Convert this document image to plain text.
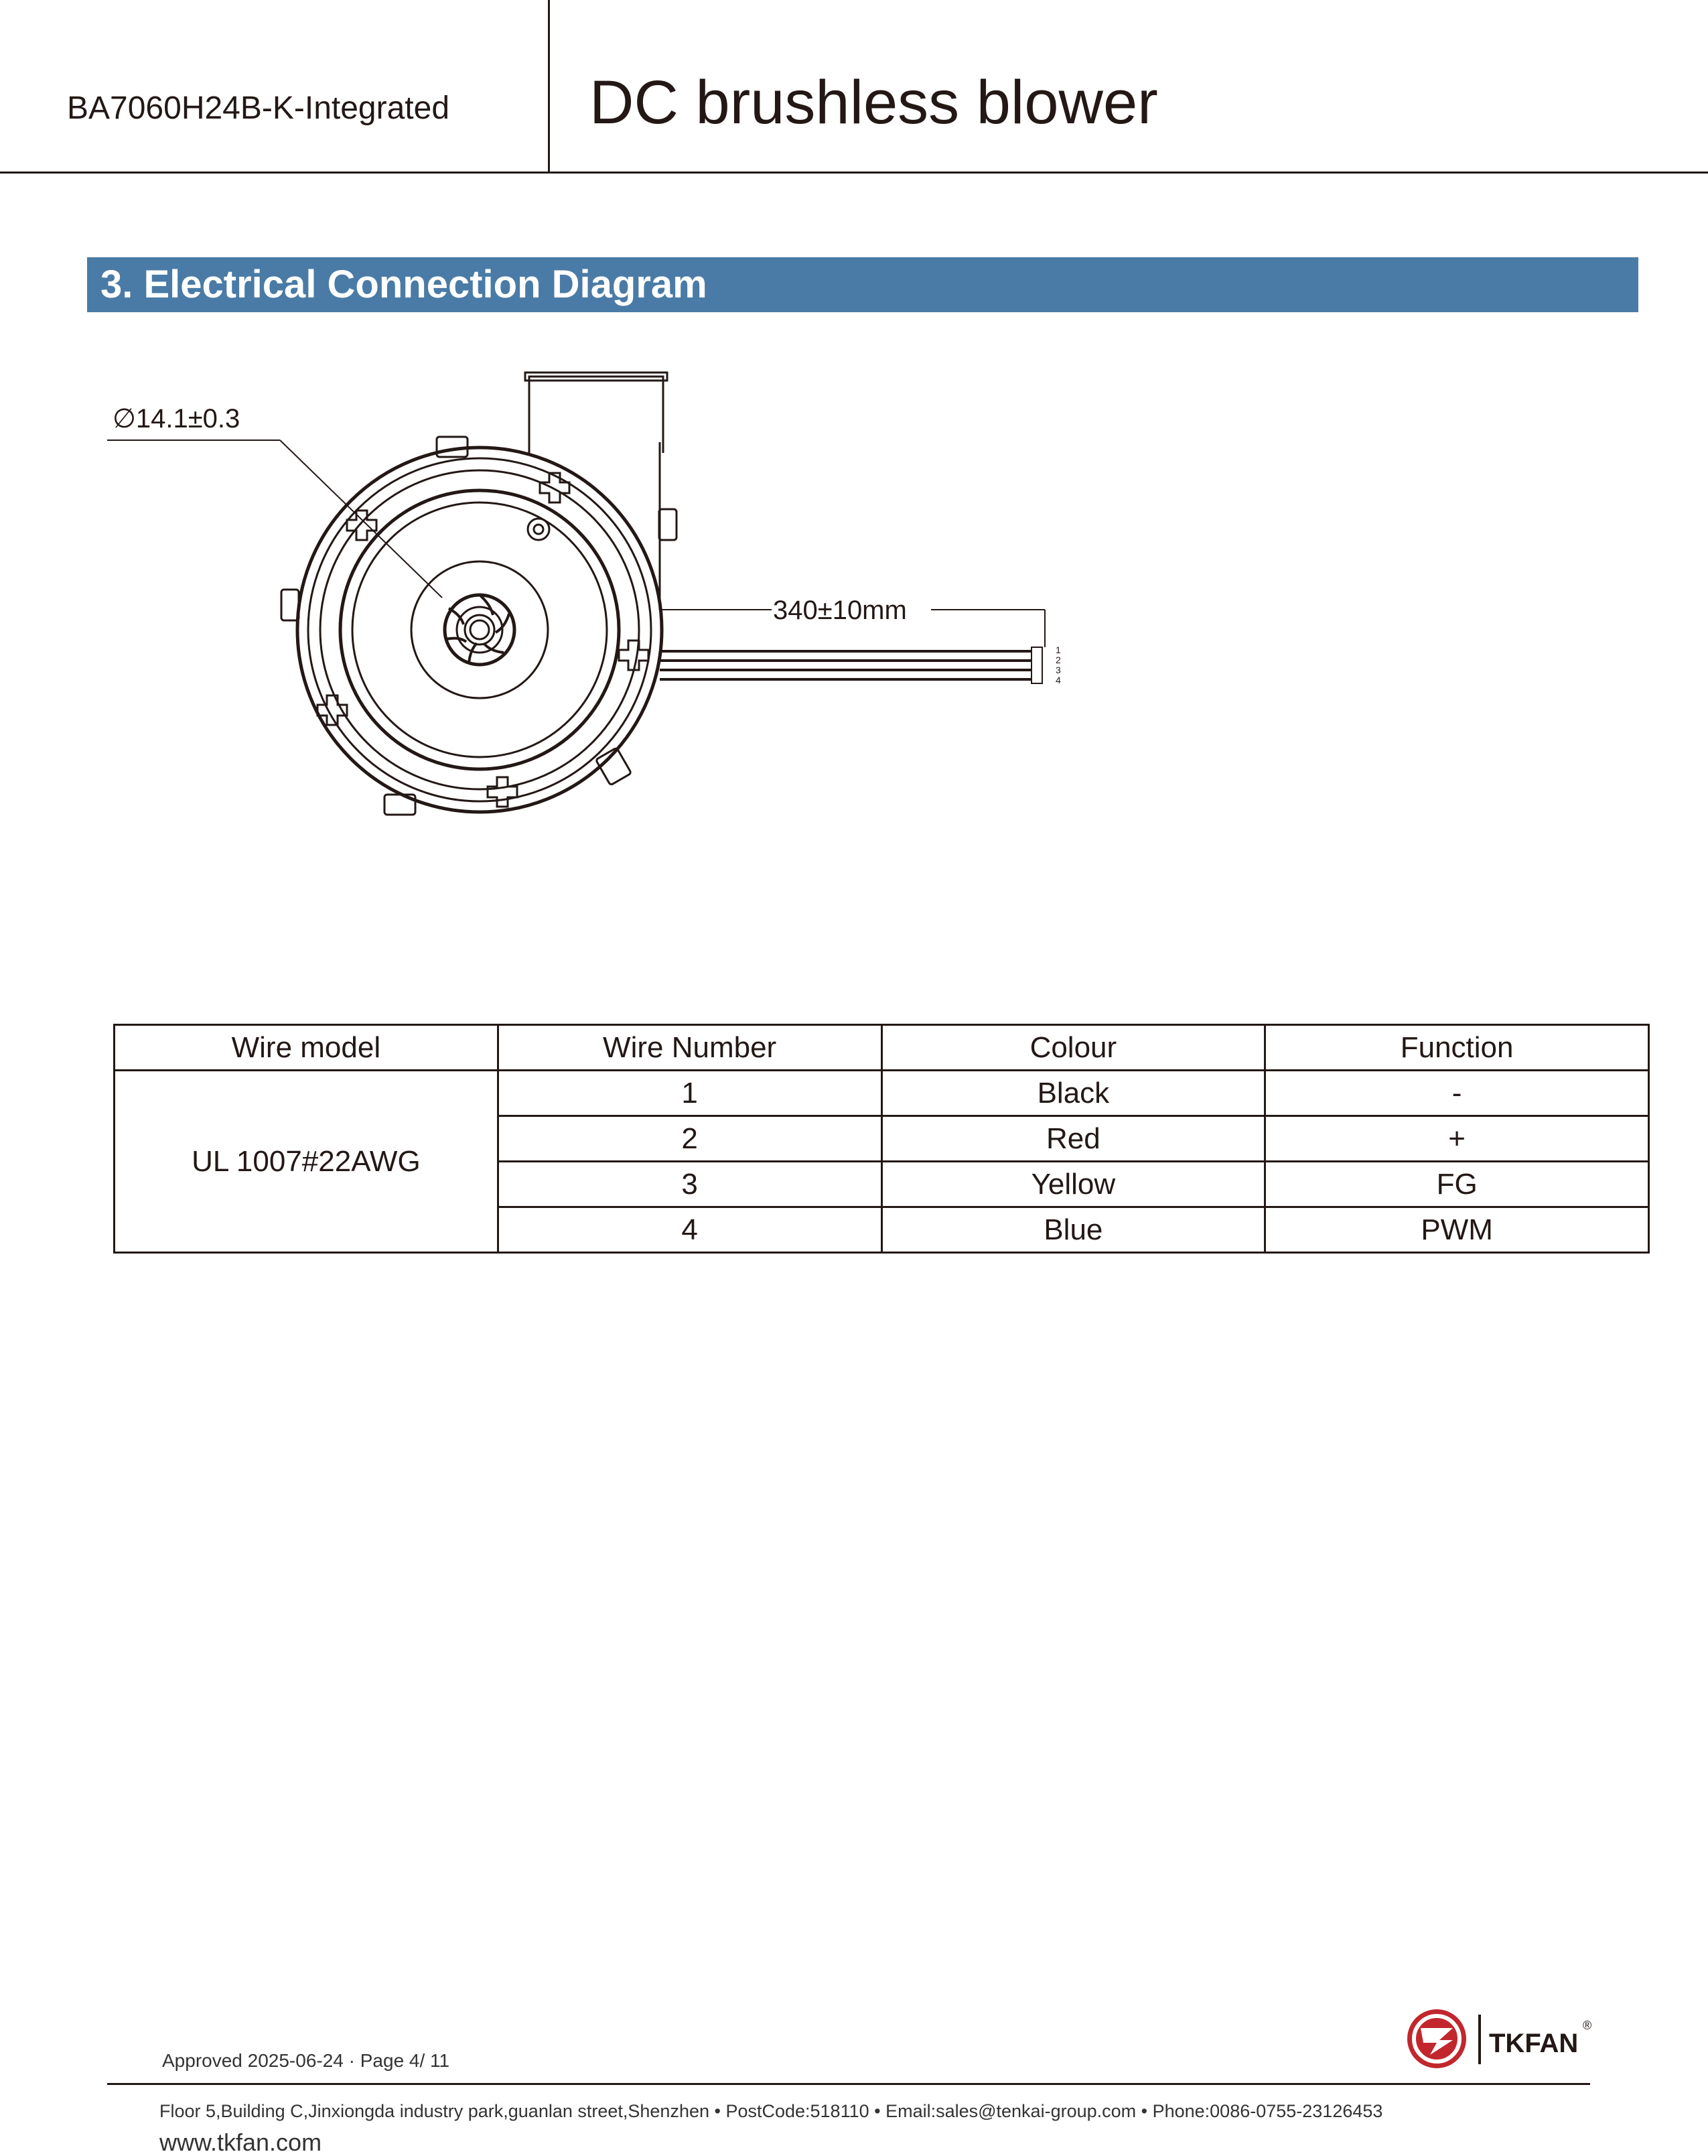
BA7060H24B-K-Integrated DC brushless blower
3. Electrical Connection Diagram
∅14.1±0.3
340±10mm
1
2
3
4
Wire model	Wire Number	Colour	Function
UL 1007#22AWG	1	Black	-
	2	Red	+
	3	Yellow	FG
	4	Blue	PWM
TKFAN
®
Approved 2025-06-24 · Page 4/ 11
Floor 5,Building C,Jinxiongda industry park,guanlan street,Shenzhen • PostCode:518110 • Email:sales@tenkai-group.com • Phone:0086-0755-23126453
www.tkfan.com
